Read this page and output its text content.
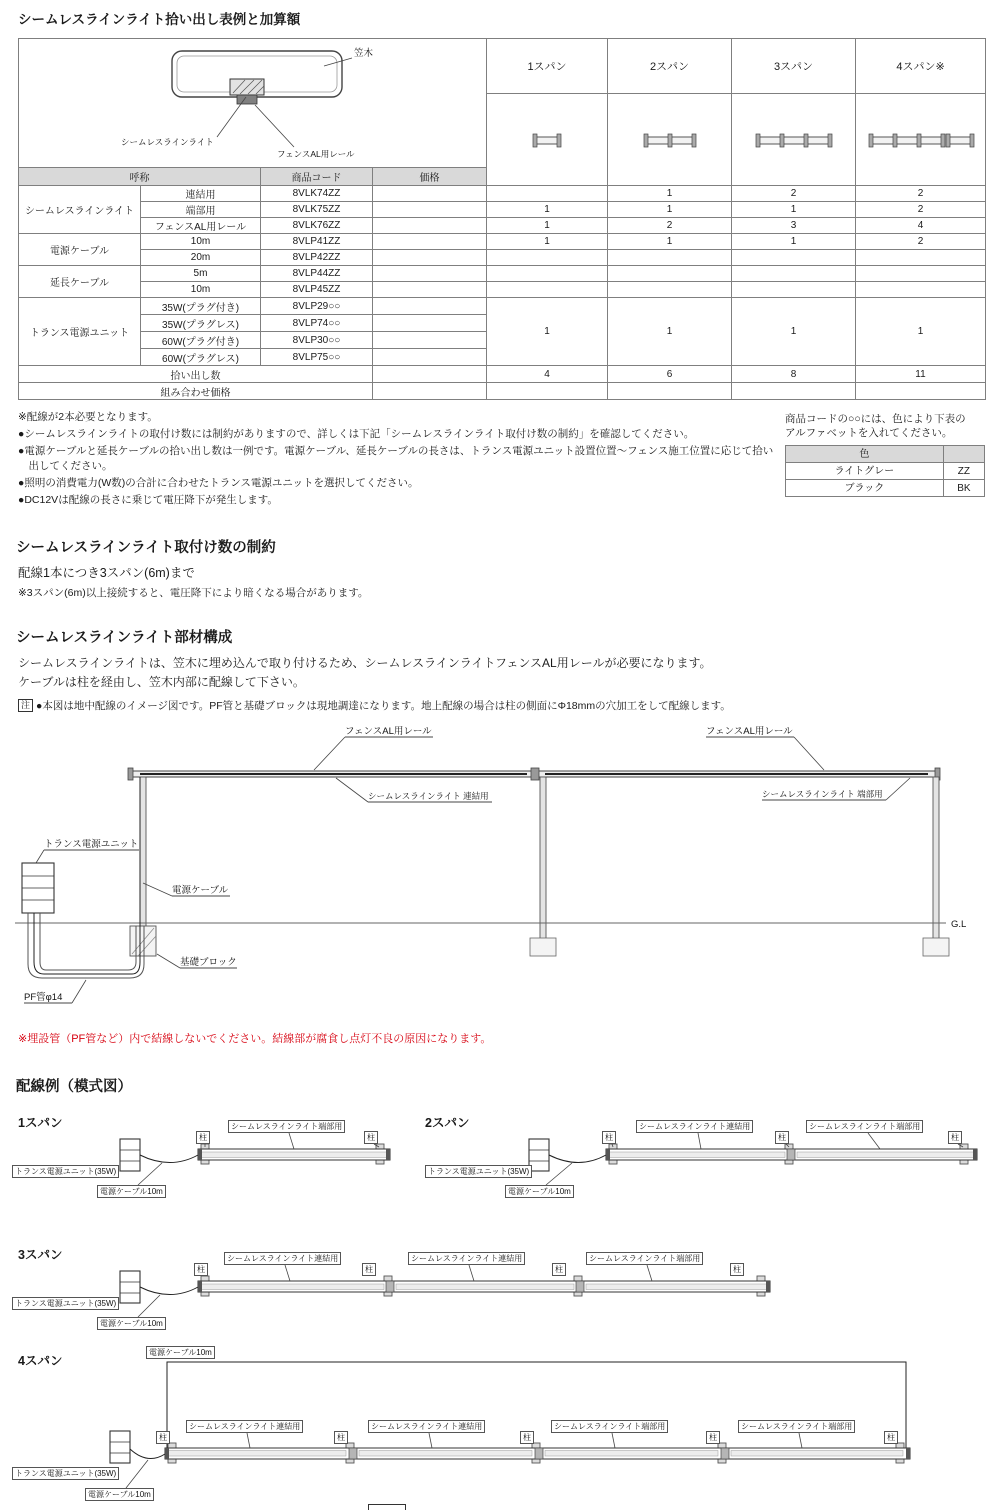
シームレスラインライト拾い出し表例と加算額
笠木
シームレスラインライト
フェンスAL用レール				1スパン	2スパン	3スパン	4スパン※

呼称		商品コード	価格				
シームレスラインライト	連結用	8VLK74ZZ			1	2	2
	端部用	8VLK75ZZ		1	1	1	2
	フェンスAL用レール	8VLK76ZZ		1	2	3	4
電源ケーブル	10m	8VLP41ZZ		1	1	1	2
	20m	8VLP42ZZ					
延長ケーブル	5m	8VLP44ZZ					
	10m	8VLP45ZZ					
トランス電源ユニット	35W(プラグ付き)	8VLP29○○		1	1	1	1
	35W(プラグレス)	8VLP74○○					
	60W(プラグ付き)	8VLP30○○					
	60W(プラグレス)	8VLP75○○					
拾い出し数				4	6	8	11
組み合わせ価格							
※配線が2本必要となります。
●シームレスラインライトの取付け数には制約がありますので、詳しくは下記「シームレスラインライト取付け数の制約」を確認してください。
●電源ケーブルと延長ケーブルの拾い出し数は一例です。電源ケーブル、延長ケーブルの長さは、トランス電源ユニット設置位置〜フェンス施工位置に応じて拾い出してください。
●照明の消費電力(W数)の合計に合わせたトランス電源ユニットを選択してください。
●DC12Vは配線の長さに乗じて電圧降下が発生します。
商品コードの○○には、色により下表の
アルファベットを入れてください。
色	
ライトグレー	ZZ
ブラック	BK
シームレスラインライト取付け数の制約
配線1本につき3スパン(6m)まで
※3スパン(6m)以上接続すると、電圧降下により暗くなる場合があります。
シームレスラインライト部材構成
シームレスラインライトは、笠木に埋め込んで取り付けるため、シームレスラインライトフェンスAL用レールが必要になります。
ケーブルは柱を経由し、笠木内部に配線して下さい。
注 ●本図は地中配線のイメージ図です。PF管と基礎ブロックは現地調達になります。地上配線の場合は柱の側面にΦ18mmの穴加工をして配線します。
フェンスAL用レール	フェンスAL用レール
シームレスラインライト 連結用	シームレスラインライト 端部用
トランス電源ユニット
電源ケーブル
基礎ブロック
PF管φ14
G.L
※埋設管（PF管など）内で結線しないでください。結線部が腐食し点灯不良の原因になります。
配線例（模式図）
1スパン	2スパン
3スパン
4スパン
トランス電源ユニット(35W)
電源ケーブル10m
シームレスラインライト端部用
柱	柱
トランス電源ユニット(35W)
電源ケーブル10m
シームレスラインライト連結用	シームレスラインライト端部用
柱	柱	柱
トランス電源ユニット(35W)
電源ケーブル10m
シームレスラインライト連結用	シームレスラインライト連結用	シームレスラインライト端部用
柱	柱	柱	柱
電源ケーブル10m
トランス電源ユニット(35W)
電源ケーブル10m
シームレスラインライト連結用	シームレスラインライト連結用	シームレスラインライト端部用	シームレスラインライト端部用
柱	柱	柱	柱	柱
